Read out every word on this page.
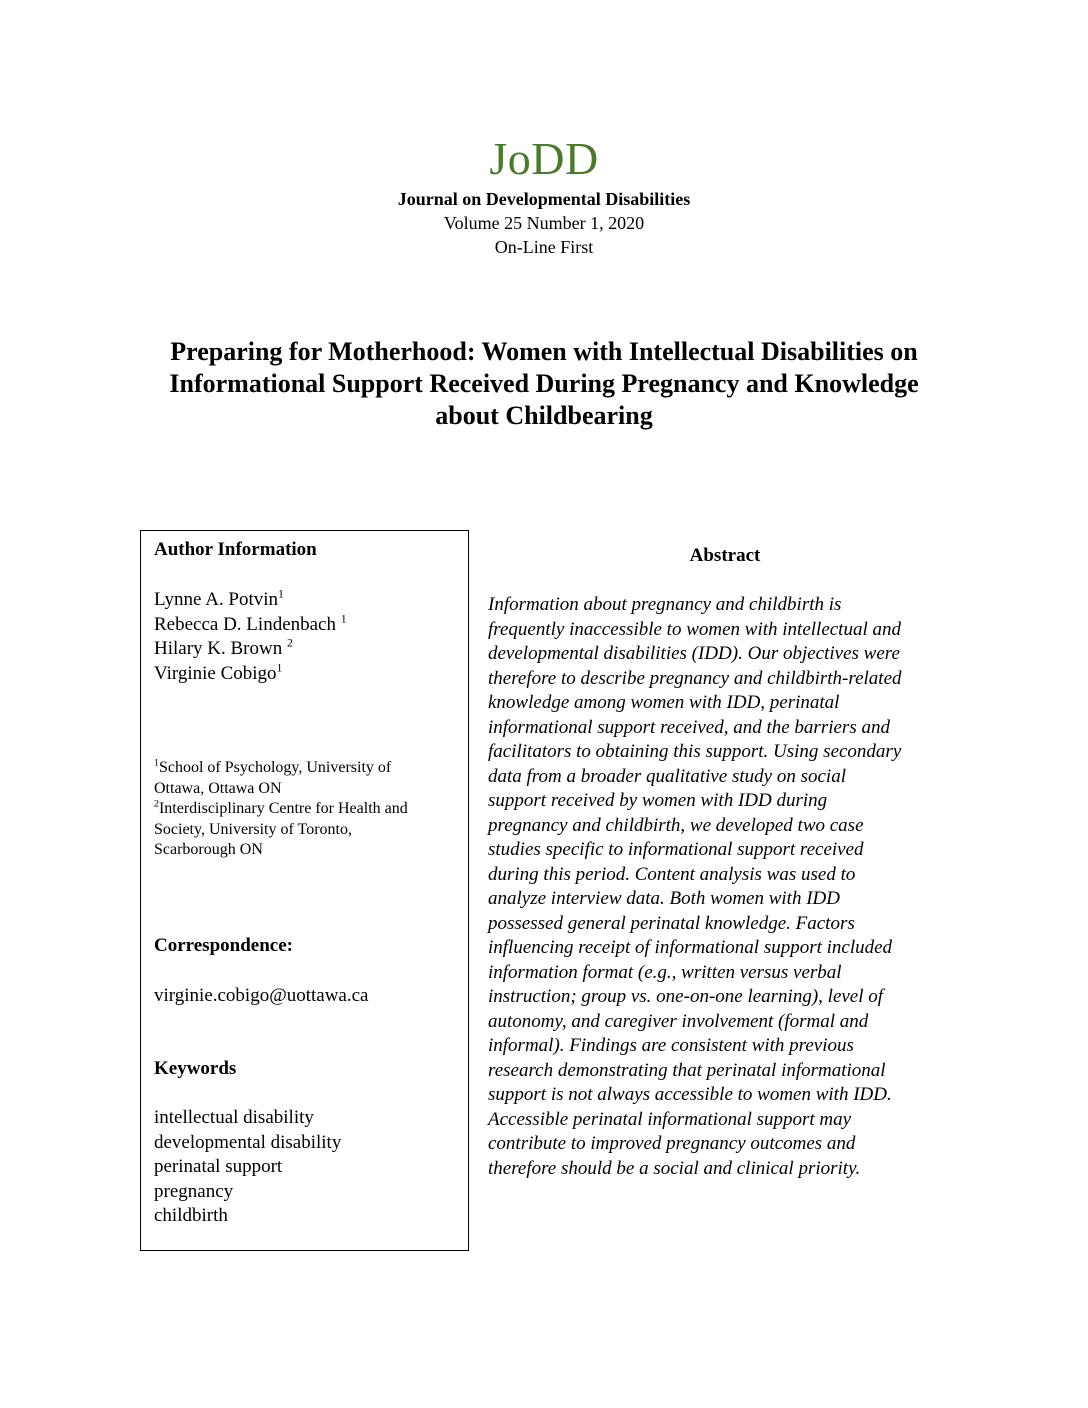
JoDD
Journal on Developmental Disabilities
Volume 25 Number 1, 2020
On-Line First
Preparing for Motherhood: Women with Intellectual Disabilities on
Informational Support Received During Pregnancy and Knowledge
about Childbearing
Author Information
Lynne A. Potvin$^1$
Rebecca D. Lindenbach $^1$
Hilary K. Brown $^2$
Virginie Cobigo$^1$
$^1$School of Psychology, University of
Ottawa, Ottawa ON
$^2$Interdisciplinary Centre for Health and
Society, University of Toronto,
Scarborough ON
Correspondence:
virginie.cobigo@uottawa.ca
Keywords
intellectual disability
developmental disability
perinatal support
pregnancy
childbirth
Abstract
Information about pregnancy and childbirth is
frequently inaccessible to women with intellectual and
developmental disabilities (IDD). Our objectives were
therefore to describe pregnancy and childbirth-related
knowledge among women with IDD, perinatal
informational support received, and the barriers and
facilitators to obtaining this support. Using secondary
data from a broader qualitative study on social
support received by women with IDD during
pregnancy and childbirth, we developed two case
studies specific to informational support received
during this period. Content analysis was used to
analyze interview data. Both women with IDD
possessed general perinatal knowledge. Factors
influencing receipt of informational support included
information format (e.g., written versus verbal
instruction; group vs. one-on-one learning), level of
autonomy, and caregiver involvement (formal and
informal). Findings are consistent with previous
research demonstrating that perinatal informational
support is not always accessible to women with IDD.
Accessible perinatal informational support may
contribute to improved pregnancy outcomes and
therefore should be a social and clinical priority.
